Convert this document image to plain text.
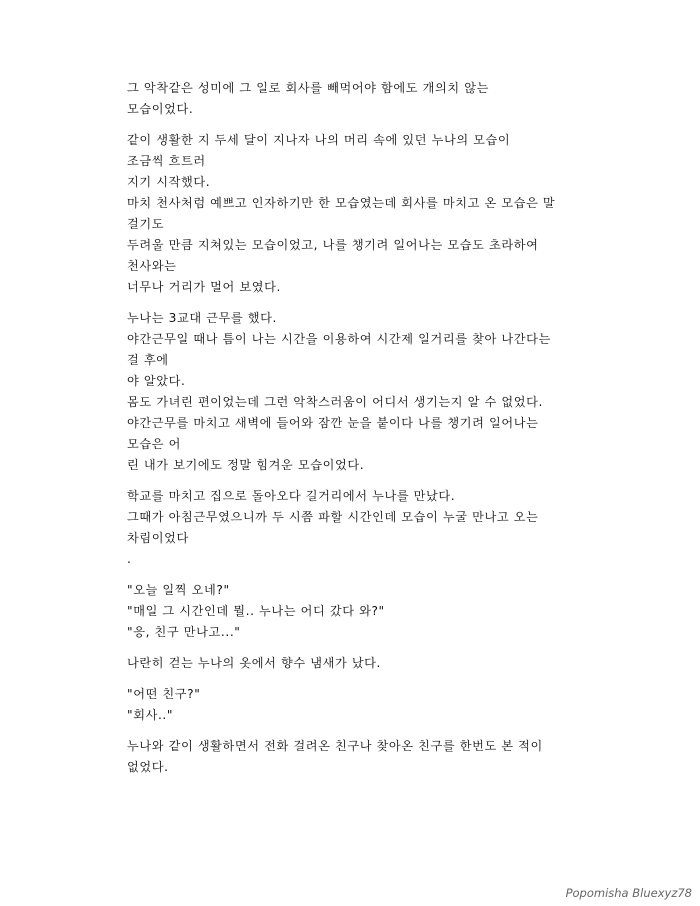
그 악착같은 성미에 그 일로 회사를 빼먹어야 함에도 개의치 않는
모습이었다.
같이 생활한 지 두세 달이 지나자 나의 머리 속에 있던 누나의 모습이
조금씩 흐트러
지기 시작했다.
마치 천사처럼 예쁘고 인자하기만 한 모습였는데 회사를 마치고 온 모습은 말
걸기도
두려울 만큼 지쳐있는 모습이었고, 나를 챙기려 일어나는 모습도 초라하여
천사와는
너무나 거리가 멀어 보였다.
누나는 3교대 근무를 했다.
야간근무일 때나 틈이 나는 시간을 이용하여 시간제 일거리를 찾아 나간다는
걸 후에
야 알았다.
몸도 가녀린 편이었는데 그런 악착스러움이 어디서 생기는지 알 수 없었다.
야간근무를 마치고 새벽에 들어와 잠깐 눈을 붙이다 나를 챙기려 일어나는
모습은 어
린 내가 보기에도 정말 힘겨운 모습이었다.
학교를 마치고 집으로 돌아오다 길거리에서 누나를 만났다.
그때가 아침근무였으니까 두 시쯤 파할 시간인데 모습이 누굴 만나고 오는
차림이었다
.
"오늘 일찍 오네?"
"매일 그 시간인데 뭘.. 누나는 어디 갔다 와?"
"응, 친구 만나고..."
나란히 걷는 누나의 옷에서 향수 냄새가 났다.
"어떤 친구?"
"회사.."
누나와 같이 생활하면서 전화 걸려온 친구나 찾아온 친구를 한번도 본 적이
없었다.
Popomisha Bluexyz78
